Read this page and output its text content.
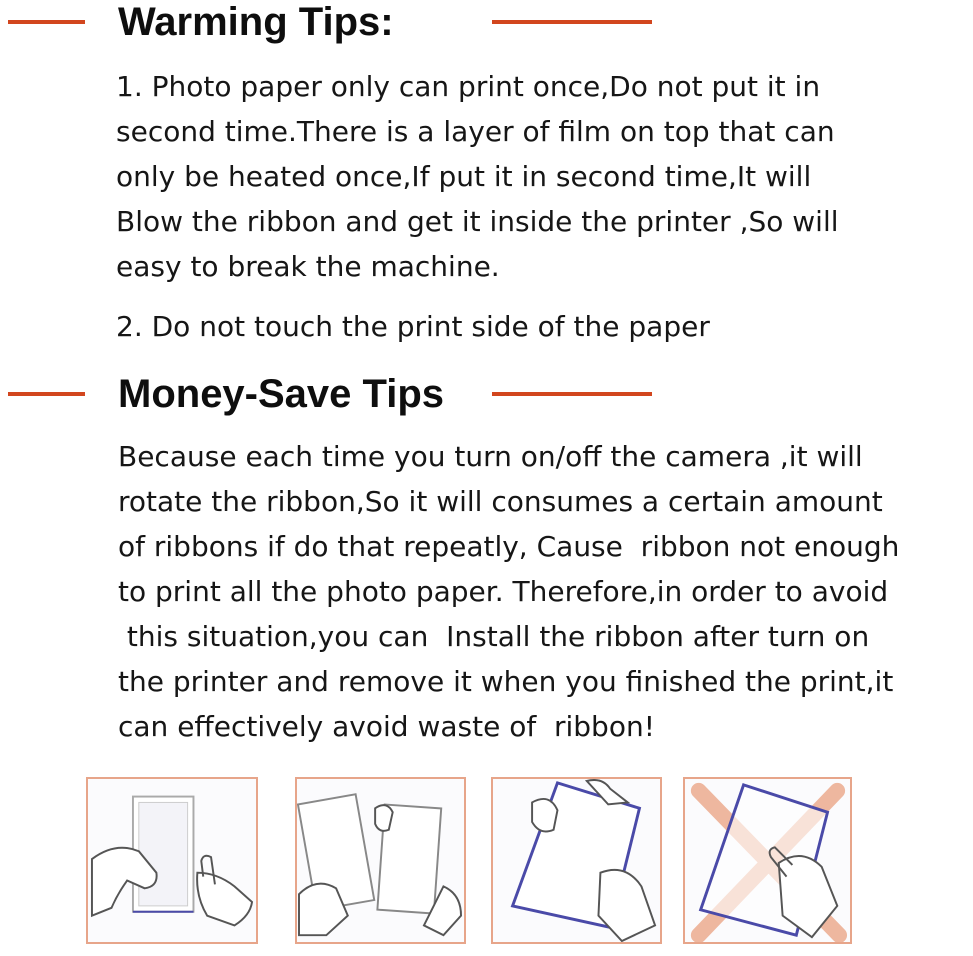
Warming Tips:
1. Photo paper only can print once,Do not put it in
second time.There is a layer of film on top that can
only be heated once,If put it in second time,It will
Blow the ribbon and get it inside the printer ,So will
easy to break the machine.
2. Do not touch the print side of the paper
Money-Save Tips
Because each time you turn on/off the camera ,it will
rotate the ribbon,So it will consumes a certain amount
of ribbons if do that repeatly, Cause  ribbon not enough
to print all the photo paper. Therefore,in order to avoid
this situation,you can  Install the ribbon after turn on
the printer and remove it when you finished the print,it
can effectively avoid waste of  ribbon!
